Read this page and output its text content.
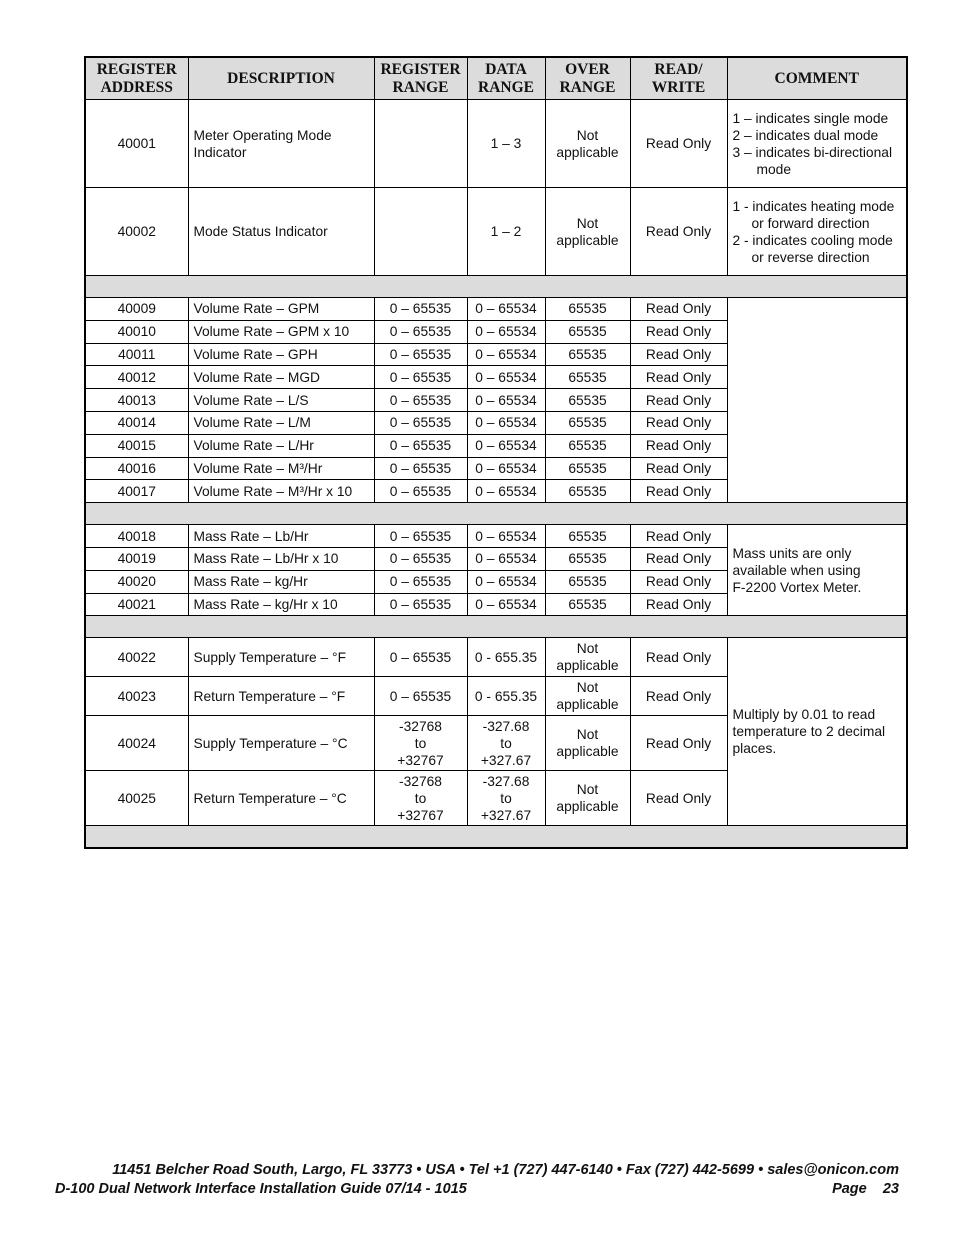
REGISTER
ADDRESS	DESCRIPTION	REGISTER
RANGE	DATA
RANGE	OVER
RANGE	READ/
WRITE	COMMENT

40001	Meter Operating Mode
Indicator		1 – 3	Not
applicable	Read Only	1 – indicates single mode
2 – indicates dual mode
3 – indicates bi-directional
mode

40002	Mode Status Indicator		1 – 2	Not
applicable	Read Only	1 - indicates heating mode
or forward direction
2 - indicates cooling mode
or reverse direction

40009	Volume Rate – GPM	0 – 65535	0 – 65534	65535	Read Only	
40010	Volume Rate – GPM x 10	0 – 65535	0 – 65534	65535	Read Only	
40011	Volume Rate – GPH	0 – 65535	0 – 65534	65535	Read Only	
40012	Volume Rate – MGD	0 – 65535	0 – 65534	65535	Read Only	
40013	Volume Rate – L/S	0 – 65535	0 – 65534	65535	Read Only	
40014	Volume Rate – L/M	0 – 65535	0 – 65534	65535	Read Only	
40015	Volume Rate – L/Hr	0 – 65535	0 – 65534	65535	Read Only	
40016	Volume Rate – M³/Hr	0 – 65535	0 – 65534	65535	Read Only	
40017	Volume Rate – M³/Hr x 10	0 – 65535	0 – 65534	65535	Read Only	

40018	Mass Rate – Lb/Hr	0 – 65535	0 – 65534	65535	Read Only	Mass units are only
available when using
F-2200 Vortex Meter.

40019	Mass Rate – Lb/Hr x 10	0 – 65535	0 – 65534	65535	Read Only	
40020	Mass Rate – kg/Hr	0 – 65535	0 – 65534	65535	Read Only	
40021	Mass Rate – kg/Hr x 10	0 – 65535	0 – 65534	65535	Read Only	

40022	Supply Temperature – °F	0 – 65535	0 - 655.35	Not
applicable	Read Only	Multiply by 0.01 to read
temperature to 2 decimal
places.

40023	Return Temperature – °F	0 – 65535	0 - 655.35	Not
applicable	Read Only	
40024	Supply Temperature – °C	-32768
to
+32767	-327.68
to
+327.67	Not
applicable	Read Only	
40025	Return Temperature – °C	-32768
to
+32767	-327.68
to
+327.67	Not
applicable	Read Only	

11451 Belcher Road South, Largo, FL 33773 • USA • Tel +1 (727) 447-6140 • Fax (727) 442-5699 • sales@onicon.com
D-100 Dual Network Interface Installation Guide 07/14 - 1015	Page 23
